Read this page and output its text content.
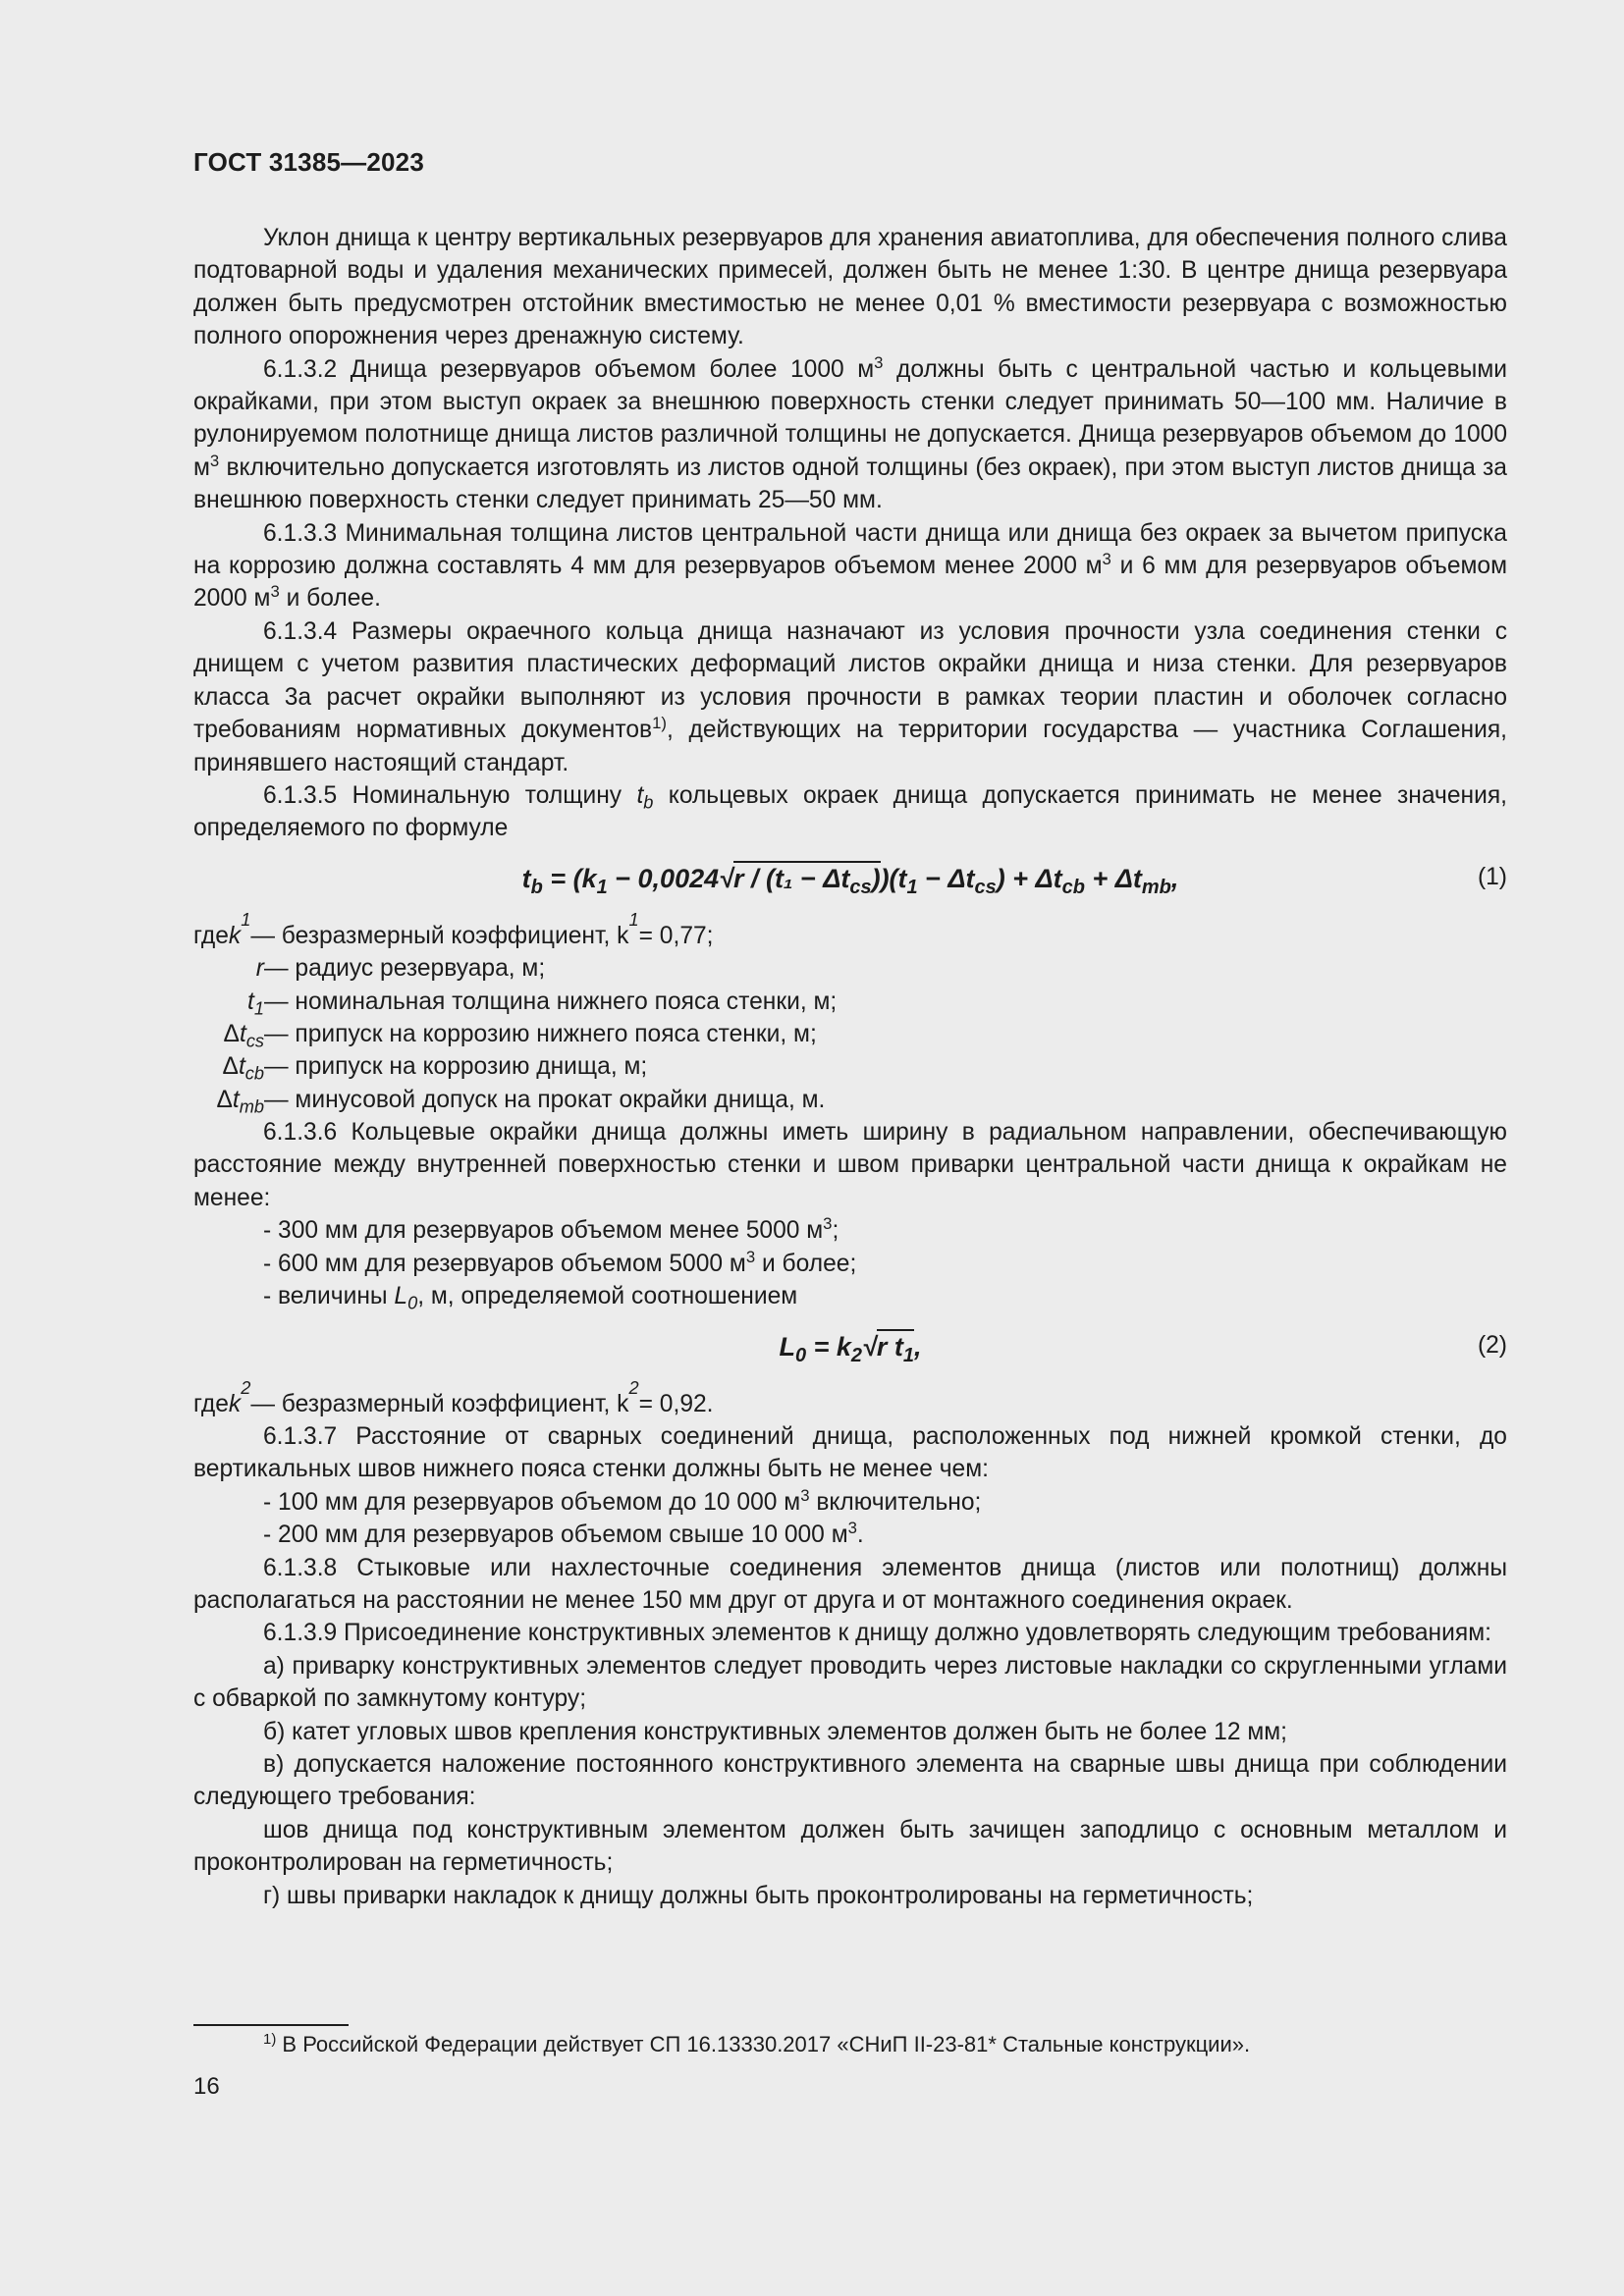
ГОСТ 31385—2023

Уклон днища к центру вертикальных резервуаров для хранения авиатоплива, для обеспечения полного слива подтоварной воды и удаления механических примесей, должен быть не менее 1:30. В центре днища резервуара должен быть предусмотрен отстойник вместимостью не менее 0,01 % вместимости резервуара с возможностью полного опорожнения через дренажную систему.

6.1.3.2 Днища резервуаров объемом более 1000 $м^3$ должны быть с центральной частью и кольцевыми окрайками, при этом выступ окраек за внешнюю поверхность стенки следует принимать 50—100 мм. Наличие в рулонируемом полотнище днища листов различной толщины не допускается. Днища резервуаров объемом до 1000 $м^3$ включительно допускается изготовлять из листов одной толщины (без окраек), при этом выступ листов днища за внешнюю поверхность стенки следует принимать 25—50 мм.

6.1.3.3 Минимальная толщина листов центральной части днища или днища без окраек за вычетом припуска на коррозию должна составлять 4 мм для резервуаров объемом менее 2000 $м^3$ и 6 мм для резервуаров объемом 2000 $м^3$ и более.

6.1.3.4 Размеры окраечного кольца днища назначают из условия прочности узла соединения стенки с днищем с учетом развития пластических деформаций листов окрайки днища и низа стенки. Для резервуаров класса 3а расчет окрайки выполняют из условия прочности в рамках теории пластин и оболочек согласно требованиям нормативных документов$^{1)}$, действующих на территории государства — участника Соглашения, принявшего настоящий стандарт.

6.1.3.5 Номинальную толщину $t_b$ кольцевых окраек днища допускается принимать не менее значения, определяемого по формуле

$t_b = (k_1 - 0,0024√r / (t_1 - \Delta t_{cs}))(t_1 - \Delta t_{cs}) + \Delta t_{cb} + \Delta t_{mb}$,	(1)
где k
1
— безразмерный коэффициент, k
1
= 0,77;
r — радиус резервуара, м;
$t_1$ — номинальная толщина нижнего пояса стенки, м;
$\Delta t_{cs}$ — припуск на коррозию нижнего пояса стенки, м;
$\Delta t_{cb}$ — припуск на коррозию днища, м;
$\Delta t_{mb}$ — минусовой допуск на прокат окрайки днища, м.

6.1.3.6 Кольцевые окрайки днища должны иметь ширину в радиальном направлении, обеспечивающую расстояние между внутренней поверхностью стенки и швом приварки центральной части днища к окрайкам не менее:

- 300 мм для резервуаров объемом менее 5000 $м^3$;

- 600 мм для резервуаров объемом 5000 $м^3$ и более;

- величины $L_0$, м, определяемой соотношением

$L_0 = k_2√r$ $t_1$,	(2)
где k
2
— безразмерный коэффициент, k
2
= 0,92.

6.1.3.7 Расстояние от сварных соединений днища, расположенных под нижней кромкой стенки, до вертикальных швов нижнего пояса стенки должны быть не менее чем:

- 100 мм для резервуаров объемом до 10 000 $м^3$ включительно;

- 200 мм для резервуаров объемом свыше 10 000 $м^3$.

6.1.3.8 Стыковые или нахлесточные соединения элементов днища (листов или полотнищ) должны располагаться на расстоянии не менее 150 мм друг от друга и от монтажного соединения окраек.

6.1.3.9 Присоединение конструктивных элементов к днищу должно удовлетворять следующим требованиям:

а) приварку конструктивных элементов следует проводить через листовые накладки со скругленными углами с обваркой по замкнутому контуру;

б) катет угловых швов крепления конструктивных элементов должен быть не более 12 мм;

в) допускается наложение постоянного конструктивного элемента на сварные швы днища при соблюдении следующего требования:

шов днища под конструктивным элементом должен быть зачищен заподлицо с основным металлом и проконтролирован на герметичность;

г) швы приварки накладок к днищу должны быть проконтролированы на герметичность;

$^{1)}$ В Российской Федерации действует СП 16.13330.2017 «СНиП II-23-81* Стальные конструкции».
16
